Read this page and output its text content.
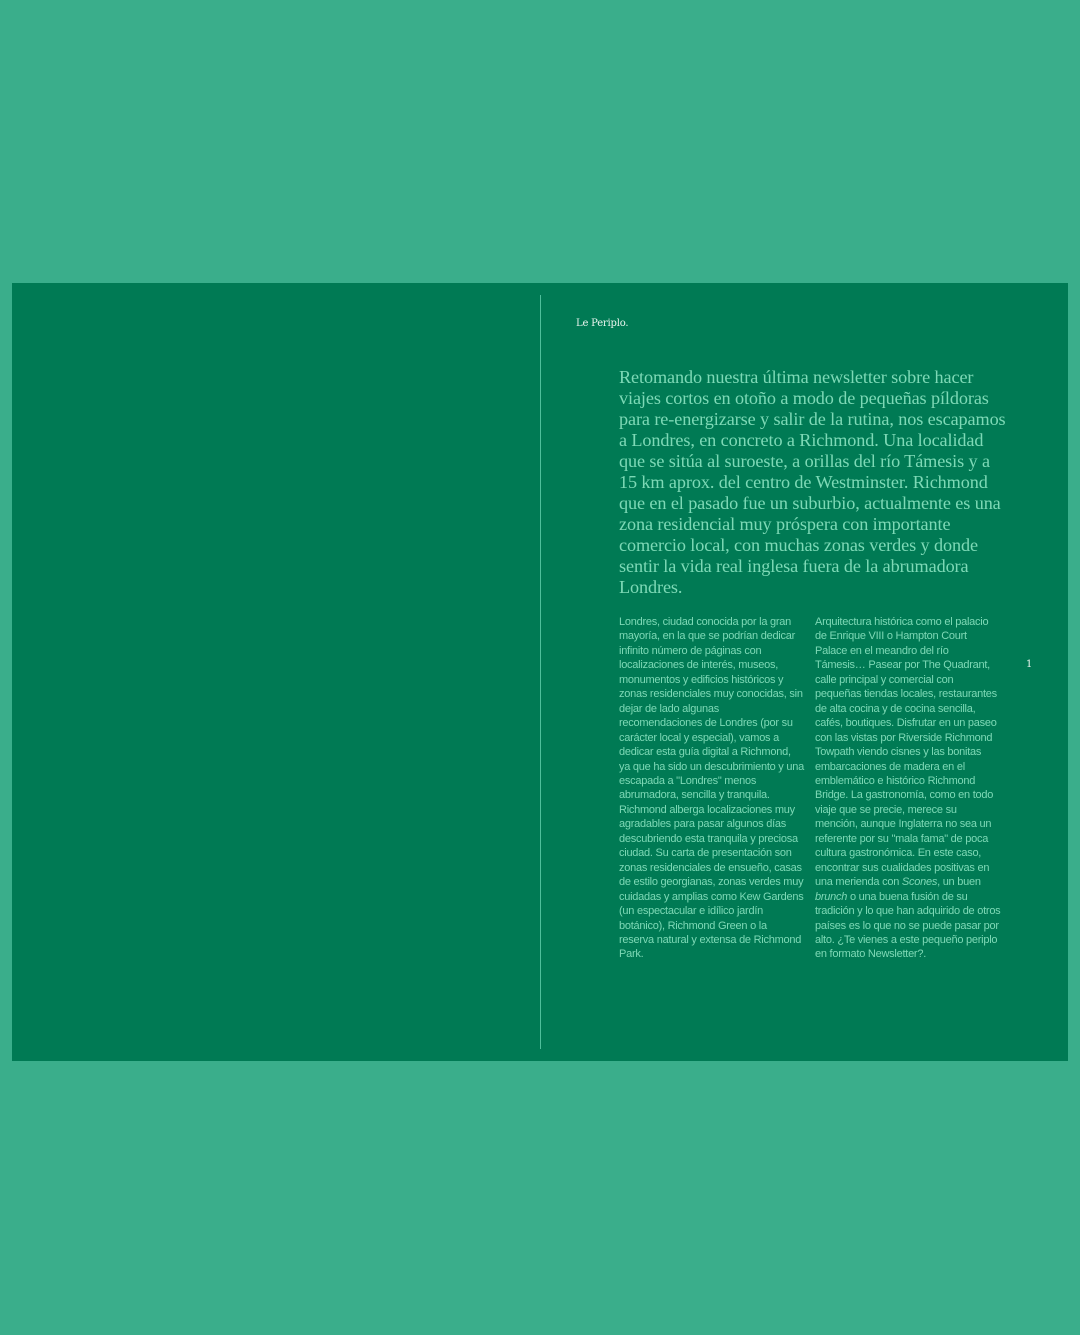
Le Periplo.

Retomando nuestra última newsletter sobre hacer viajes cortos en otoño a modo de pequeñas píldoras para re-energizarse y salir de la rutina, nos escapamos a Londres, en concreto a Richmond. Una localidad que se sitúa al suroeste, a orillas del río Támesis y a 15 km aprox. del centro de Westminster. Richmond que en el pasado fue un suburbio, actualmente es una zona residencial muy próspera con importante comercio local, con muchas zonas verdes y donde sentir la vida real inglesa fuera de la abrumadora Londres.

Londres, ciudad conocida por la gran mayoría, en la que se podrían dedicar infinito número de páginas con localizaciones de interés, museos, monumentos y edificios históricos y zonas residenciales muy conocidas, sin dejar de lado algunas recomendaciones de Londres (por su carácter local y especial), vamos a dedicar esta guía digital a Richmond, ya que ha sido un descubrimiento y una escapada a "Londres" menos abrumadora, sencilla y tranquila. Richmond alberga localizaciones muy agradables para pasar algunos días descubriendo esta tranquila y preciosa ciudad. Su carta de presentación son zonas residenciales de ensueño, casas de estilo georgianas, zonas verdes muy cuidadas y amplias como Kew Gardens (un espectacular e idílico jardín botánico), Richmond Green o la reserva natural y extensa de Richmond Park.

Arquitectura histórica como el palacio de Enrique VIII o Hampton Court Palace en el meandro del río Támesis… Pasear por The Quadrant, calle principal y comercial con pequeñas tiendas locales, restaurantes de alta cocina y de cocina sencilla, cafés, boutiques. Disfrutar en un paseo con las vistas por Riverside Richmond Towpath viendo cisnes y las bonitas embarcaciones de madera en el emblemático e histórico Richmond Bridge. La gastronomía, como en todo viaje que se precie, merece su mención, aunque Inglaterra no sea un referente por su "mala fama" de poca cultura gastronómica. En este caso, encontrar sus cualidades positivas en una merienda con Scones, un buen brunch o una buena fusión de su tradición y lo que han adquirido de otros países es lo que no se puede pasar por alto. ¿Te vienes a este pequeño periplo en formato Newsletter?.

1
